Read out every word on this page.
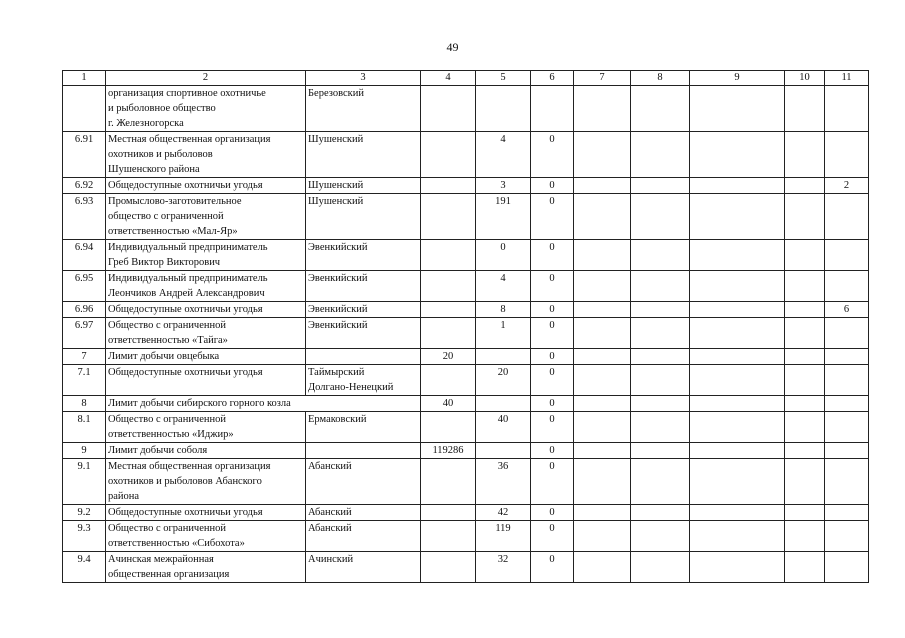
49
1	2	3	4	5	6	7	8	9	10	11

	организация спортивное охотничье
и рыболовное общество
г. Железногорска	Березовский								

6.91	Местная общественная организация
охотников и рыболовов
Шушенского района	Шушенский		4	0					
6.92	Общедоступные охотничьи угодья	Шушенский		3	0					2
6.93	Промыслово-заготовительное
общество с ограниченной
ответственностью «Мал-Яр»	Шушенский		191	0					
6.94	Индивидуальный предприниматель
Греб Виктор Викторович	Эвенкийский		0	0					
6.95	Индивидуальный предприниматель
Леончиков Андрей Александрович	Эвенкийский		4	0					
6.96	Общедоступные охотничьи угодья	Эвенкийский		8	0					6
6.97	Общество с ограниченной
ответственностью «Тайга»	Эвенкийский		1	0					
7	Лимит добычи овцебыка		20		0					
7.1	Общедоступные охотничьи угодья	Таймырский
Долгано-Ненецкий		20	0					
8	Лимит добычи сибирского горного козла		40		0					
8.1	Общество с ограниченной
ответственностью «Иджир»	Ермаковский		40	0					
9	Лимит добычи соболя		119286		0					
9.1	Местная общественная организация
охотников и рыболовов Абанского
района	Абанский		36	0					
9.2	Общедоступные охотничьи угодья	Абанский		42	0					
9.3	Общество с ограниченной
ответственностью «Сибохота»	Абанский		119	0					
9.4	Ачинская межрайонная
общественная организация	Ачинский		32	0					
